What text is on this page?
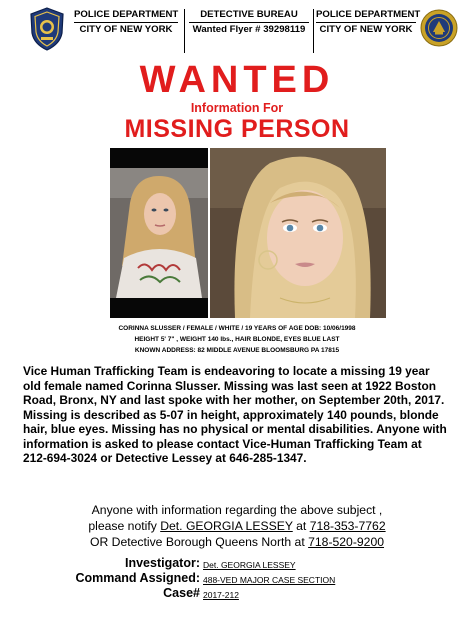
POLICE DEPARTMENT
CITY OF NEW YORK
DETECTIVE BUREAU
Wanted Flyer # 39298119
POLICE DEPARTMENT
CITY OF NEW YORK
WANTED
Information For
MISSING PERSON
CORINNA SLUSSER / FEMALE / WHITE / 19 YEARS OF AGE DOB: 10/06/1998
HEIGHT 5' 7" , WEIGHT 140 lbs., HAIR BLONDE, EYES BLUE LAST
KNOWN ADDRESS: 82 MIDDLE AVENUE BLOOMSBURG PA 17815
Vice Human Trafficking Team is endeavoring to locate a missing 19 year
old female named Corinna Slusser. Missing was last seen at 1922 Boston
Road, Bronx, NY and last spoke with her mother, on September 20th, 2017.
Missing is described as 5-07 in height, approximately 140 pounds, blonde
hair, blue eyes. Missing has no physical or mental disabilities. Anyone with
information is asked to please contact Vice-Human Trafficking Team at
212-694-3024 or Detective Lessey at 646-285-1347.
Anyone with information regarding the above subject ,
please notify Det. GEORGIA LESSEY at 718-353-7762
OR Detective Borough Queens North at 718-520-9200
Investigator: Det. GEORGIA LESSEY
Command Assigned: 488-VED MAJOR CASE SECTION
Case# 2017-212
